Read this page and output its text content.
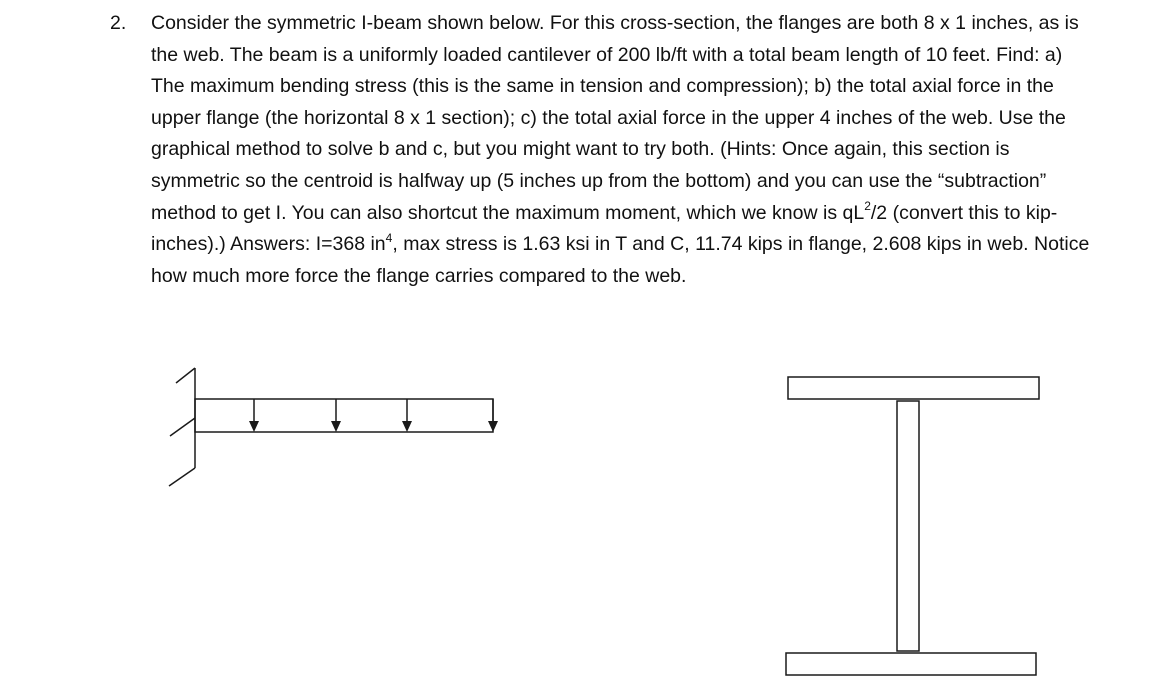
2. Consider the symmetric I-beam shown below. For this cross-section, the flanges are both 8 x 1 inches, as is the web. The beam is a uniformly loaded cantilever of 200 lb/ft with a total beam length of 10 feet. Find: a) The maximum bending stress (this is the same in tension and compression); b) the total axial force in the upper flange (the horizontal 8 x 1 section); c) the total axial force in the upper 4 inches of the web. Use the graphical method to solve b and c, but you might want to try both. (Hints: Once again, this section is symmetric so the centroid is halfway up (5 inches up from the bottom) and you can use the “subtraction” method to get I. You can also shortcut the maximum moment, which we know is $qL^2/2$ (convert this to kip-inches).) Answers: I=368 $in^4$, max stress is 1.63 ksi in T and C, 11.74 kips in flange, 2.608 kips in web. Notice how much more force the flange carries compared to the web.
